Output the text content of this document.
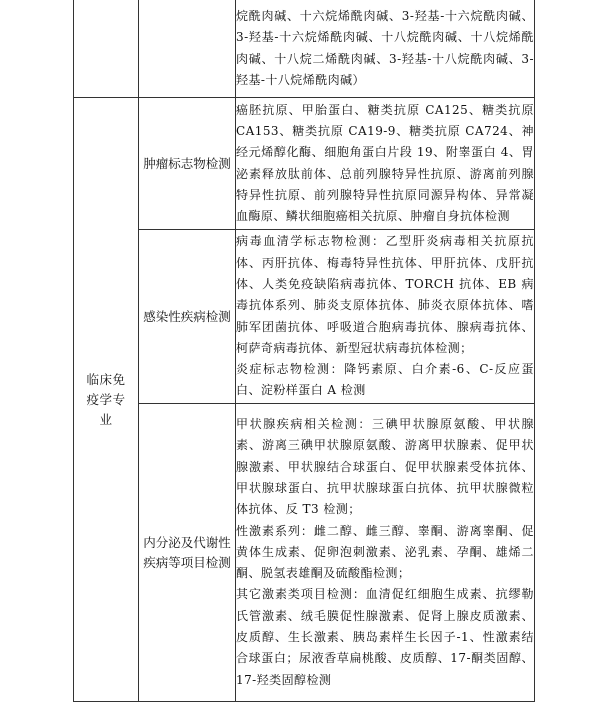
		烷酰肉碱、十六烷烯酰肉碱、3-羟基-十六烷酰肉碱、3-羟基-十六烷烯酰肉碱、十八烷酰肉碱、十八烷烯酰肉碱、十八烷二烯酰肉碱、3-羟基-十八烷酰肉碱、3-羟基-十八烷烯酰肉碱）

临床免疫学专业	肿瘤标志物检测	癌胚抗原、甲胎蛋白、糖类抗原 CA125、糖类抗原 CA153、糖类抗原 CA19-9、糖类抗原 CA724、神经元烯醇化酶、细胞角蛋白片段 19、附睾蛋白 4、胃泌素释放肽前体、总前列腺特异性抗原、游离前列腺特异性抗原、前列腺特异性抗原同源异构体、异常凝血酶原、鳞状细胞癌相关抗原、肿瘤自身抗体检测

	感染性疾病检测	病毒血清学标志物检测：乙型肝炎病毒相关抗原抗体、丙肝抗体、梅毒特异性抗体、甲肝抗体、戊肝抗体、人类免疫缺陷病毒抗体、TORCH 抗体、EB 病毒抗体系列、肺炎支原体抗体、肺炎衣原体抗体、嗜肺军团菌抗体、呼吸道合胞病毒抗体、腺病毒抗体、柯萨奇病毒抗体、新型冠状病毒抗体检测；

炎症标志物检测：降钙素原、白介素-6、C-反应蛋白、淀粉样蛋白 A 检测

	内分泌及代谢性疾病等项目检测	甲状腺疾病相关检测：三碘甲状腺原氨酸、甲状腺素、游离三碘甲状腺原氨酸、游离甲状腺素、促甲状腺激素、甲状腺结合球蛋白、促甲状腺素受体抗体、甲状腺球蛋白、抗甲状腺球蛋白抗体、抗甲状腺微粒体抗体、反 T3 检测；

性激素系列：雌二醇、雌三醇、睾酮、游离睾酮、促黄体生成素、促卵泡刺激素、泌乳素、孕酮、雄烯二酮、脱氢表雄酮及硫酸酯检测；

其它激素类项目检测：血清促红细胞生成素、抗缪勒氏管激素、绒毛膜促性腺激素、促肾上腺皮质激素、皮质醇、生长激素、胰岛素样生长因子-1、性激素结合球蛋白；尿液香草扁桃酸、皮质醇、17-酮类固醇、17-羟类固醇检测
